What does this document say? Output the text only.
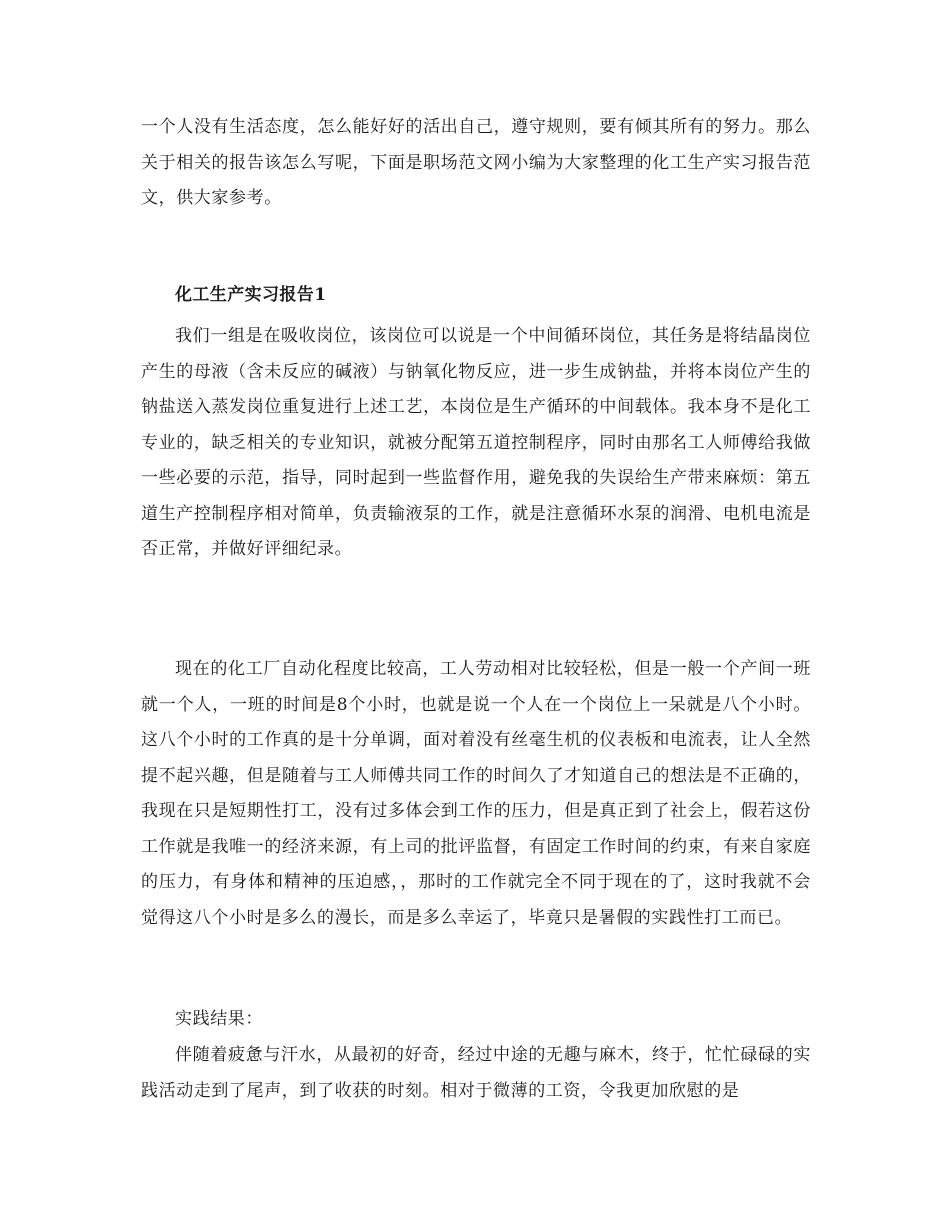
一个人没有生活态度，怎么能好好的活出自己，遵守规则，要有倾其所有的努力。那么关于相关的报告该怎么写呢，下面是职场范文网小编为大家整理的化工生产实习报告范文，供大家参考。

化工生产实习报告1

我们一组是在吸收岗位，该岗位可以说是一个中间循环岗位，其任务是将结晶岗位产生的母液（含未反应的碱液）与钠氧化物反应，进一步生成钠盐，并将本岗位产生的钠盐送入蒸发岗位重复进行上述工艺，本岗位是生产循环的中间载体。我本身不是化工专业的，缺乏相关的专业知识，就被分配第五道控制程序，同时由那名工人师傅给我做一些必要的示范，指导，同时起到一些监督作用，避免我的失误给生产带来麻烦：第五道生产控制程序相对简单，负责输液泵的工作，就是注意循环水泵的润滑、电机电流是否正常，并做好评细纪录。

现在的化工厂自动化程度比较高，工人劳动相对比较轻松，但是一般一个产间一班就一个人，一班的时间是8个小时，也就是说一个人在一个岗位上一呆就是八个小时。这八个小时的工作真的是十分单调，面对着没有丝毫生机的仪表板和电流表，让人全然提不起兴趣，但是随着与工人师傅共同工作的时间久了才知道自己的想法是不正确的，我现在只是短期性打工，没有过多体会到工作的压力，但是真正到了社会上，假若这份工作就是我唯一的经济来源，有上司的批评监督，有固定工作时间的约束，有来自家庭的压力，有身体和精神的压迫感，，那时的工作就完全不同于现在的了，这时我就不会觉得这八个小时是多么的漫长，而是多么幸运了，毕竟只是暑假的实践性打工而已。

实践结果：

伴随着疲惫与汗水，从最初的好奇，经过中途的无趣与麻木，终于，忙忙碌碌的实践活动走到了尾声，到了收获的时刻。相对于微薄的工资，令我更加欣慰的是
